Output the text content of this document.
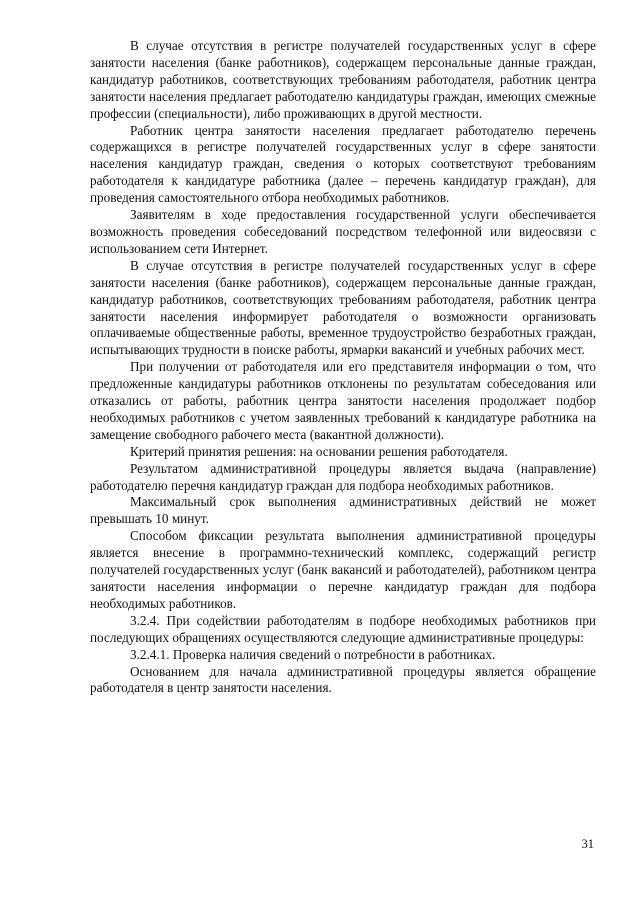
В случае отсутствия в регистре получателей государственных услуг в сфере занятости населения (банке работников), содержащем персональные данные граждан, кандидатур работников, соответствующих требованиям работодателя, работник центра занятости населения предлагает работодателю кандидатуры граждан, имеющих смежные профессии (специальности), либо проживающих в другой местности.

Работник центра занятости населения предлагает работодателю перечень содержащихся в регистре получателей государственных услуг в сфере занятости населения кандидатур граждан, сведения о которых соответствуют требованиям работодателя к кандидатуре работника (далее – перечень кандидатур граждан), для проведения самостоятельного отбора необходимых работников.

Заявителям в ходе предоставления государственной услуги обеспечивается возможность проведения собеседований посредством телефонной или видеосвязи с использованием сети Интернет.

В случае отсутствия в регистре получателей государственных услуг в сфере занятости населения (банке работников), содержащем персональные данные граждан, кандидатур работников, соответствующих требованиям работодателя, работник центра занятости населения информирует работодателя о возможности организовать оплачиваемые общественные работы, временное трудоустройство безработных граждан, испытывающих трудности в поиске работы, ярмарки вакансий и учебных рабочих мест.

При получении от работодателя или его представителя информации о том, что предложенные кандидатуры работников отклонены по результатам собеседования или отказались от работы, работник центра занятости населения продолжает подбор необходимых работников с учетом заявленных требований к кандидатуре работника на замещение свободного рабочего места (вакантной должности).

Критерий принятия решения: на основании решения работодателя.

Результатом административной процедуры является выдача (направление) работодателю перечня кандидатур граждан для подбора необходимых работников.

Максимальный срок выполнения административных действий не может превышать 10 минут.

Способом фиксации результата выполнения административной процедуры является внесение в программно-технический комплекс, содержащий регистр получателей государственных услуг (банк вакансий и работодателей), работником центра занятости населения информации о перечне кандидатур граждан для подбора необходимых работников.

3.2.4. При содействии работодателям в подборе необходимых работников при последующих обращениях осуществляются следующие административные процедуры:

3.2.4.1. Проверка наличия сведений о потребности в работниках.

Основанием для начала административной процедуры является обращение работодателя в центр занятости населения.

31
